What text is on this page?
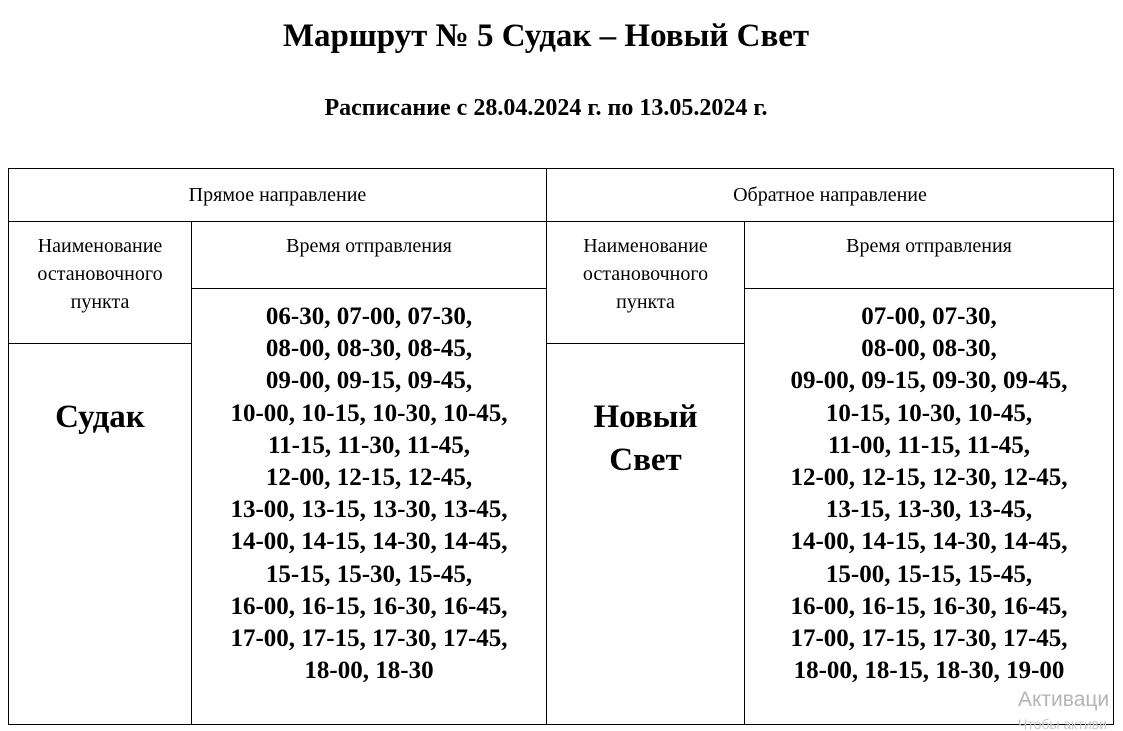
Маршрут № 5 Судак – Новый Свет
Расписание с 28.04.2024 г. по 13.05.2024 г.
Прямое направление	Обратное направление
Наименование
остановочного
пункта
Время отправления
Судак
06-30, 07-00, 07-30,
08-00, 08-30, 08-45,
09-00, 09-15, 09-45,
10-00, 10-15, 10-30, 10-45,
11-15, 11-30, 11-45,
12-00, 12-15, 12-45,
13-00, 13-15, 13-30, 13-45,
14-00, 14-15, 14-30, 14-45,
15-15, 15-30, 15-45,
16-00, 16-15, 16-30, 16-45,
17-00, 17-15, 17-30, 17-45,
18-00, 18-30
Наименование
остановочного
пункта
Время отправления
Новый
Свет
07-00, 07-30,
08-00, 08-30,
09-00, 09-15, 09-30, 09-45,
10-15, 10-30, 10-45,
11-00, 11-15, 11-45,
12-00, 12-15, 12-30, 12-45,
13-15, 13-30, 13-45,
14-00, 14-15, 14-30, 14-45,
15-00, 15-15, 15-45,
16-00, 16-15, 16-30, 16-45,
17-00, 17-15, 17-30, 17-45,
18-00, 18-15, 18-30, 19-00
Активаци
Чтобы активи
